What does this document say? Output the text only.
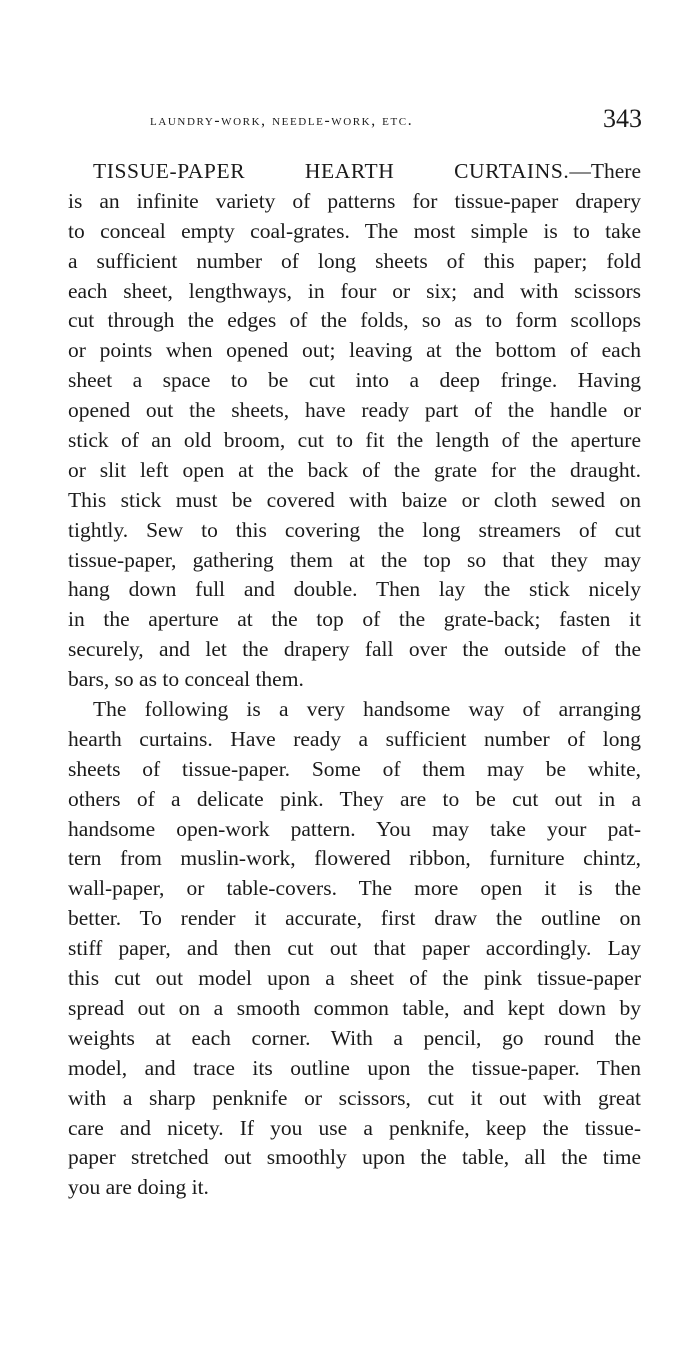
laundry-work, needle-work, etc.	343
TISSUE-PAPER HEARTH CURTAINS.—There
is an infinite variety of patterns for tissue-paper drapery
to conceal empty coal-grates. The most simple is to take
a sufficient number of long sheets of this paper; fold
each sheet, lengthways, in four or six; and with scissors
cut through the edges of the folds, so as to form scollops
or points when opened out; leaving at the bottom of each
sheet a space to be cut into a deep fringe. Having
opened out the sheets, have ready part of the handle or
stick of an old broom, cut to fit the length of the aperture
or slit left open at the back of the grate for the draught.
This stick must be covered with baize or cloth sewed on
tightly. Sew to this covering the long streamers of cut
tissue-paper, gathering them at the top so that they may
hang down full and double. Then lay the stick nicely
in the aperture at the top of the grate-back; fasten it
securely, and let the drapery fall over the outside of the
bars, so as to conceal them.
The following is a very handsome way of arranging
hearth curtains. Have ready a sufficient number of long
sheets of tissue-paper. Some of them may be white,
others of a delicate pink. They are to be cut out in a
handsome open-work pattern. You may take your pat-
tern from muslin-work, flowered ribbon, furniture chintz,
wall-paper, or table-covers. The more open it is the
better. To render it accurate, first draw the outline on
stiff paper, and then cut out that paper accordingly. Lay
this cut out model upon a sheet of the pink tissue-paper
spread out on a smooth common table, and kept down by
weights at each corner. With a pencil, go round the
model, and trace its outline upon the tissue-paper. Then
with a sharp penknife or scissors, cut it out with great
care and nicety. If you use a penknife, keep the tissue-
paper stretched out smoothly upon the table, all the time
you are doing it.
